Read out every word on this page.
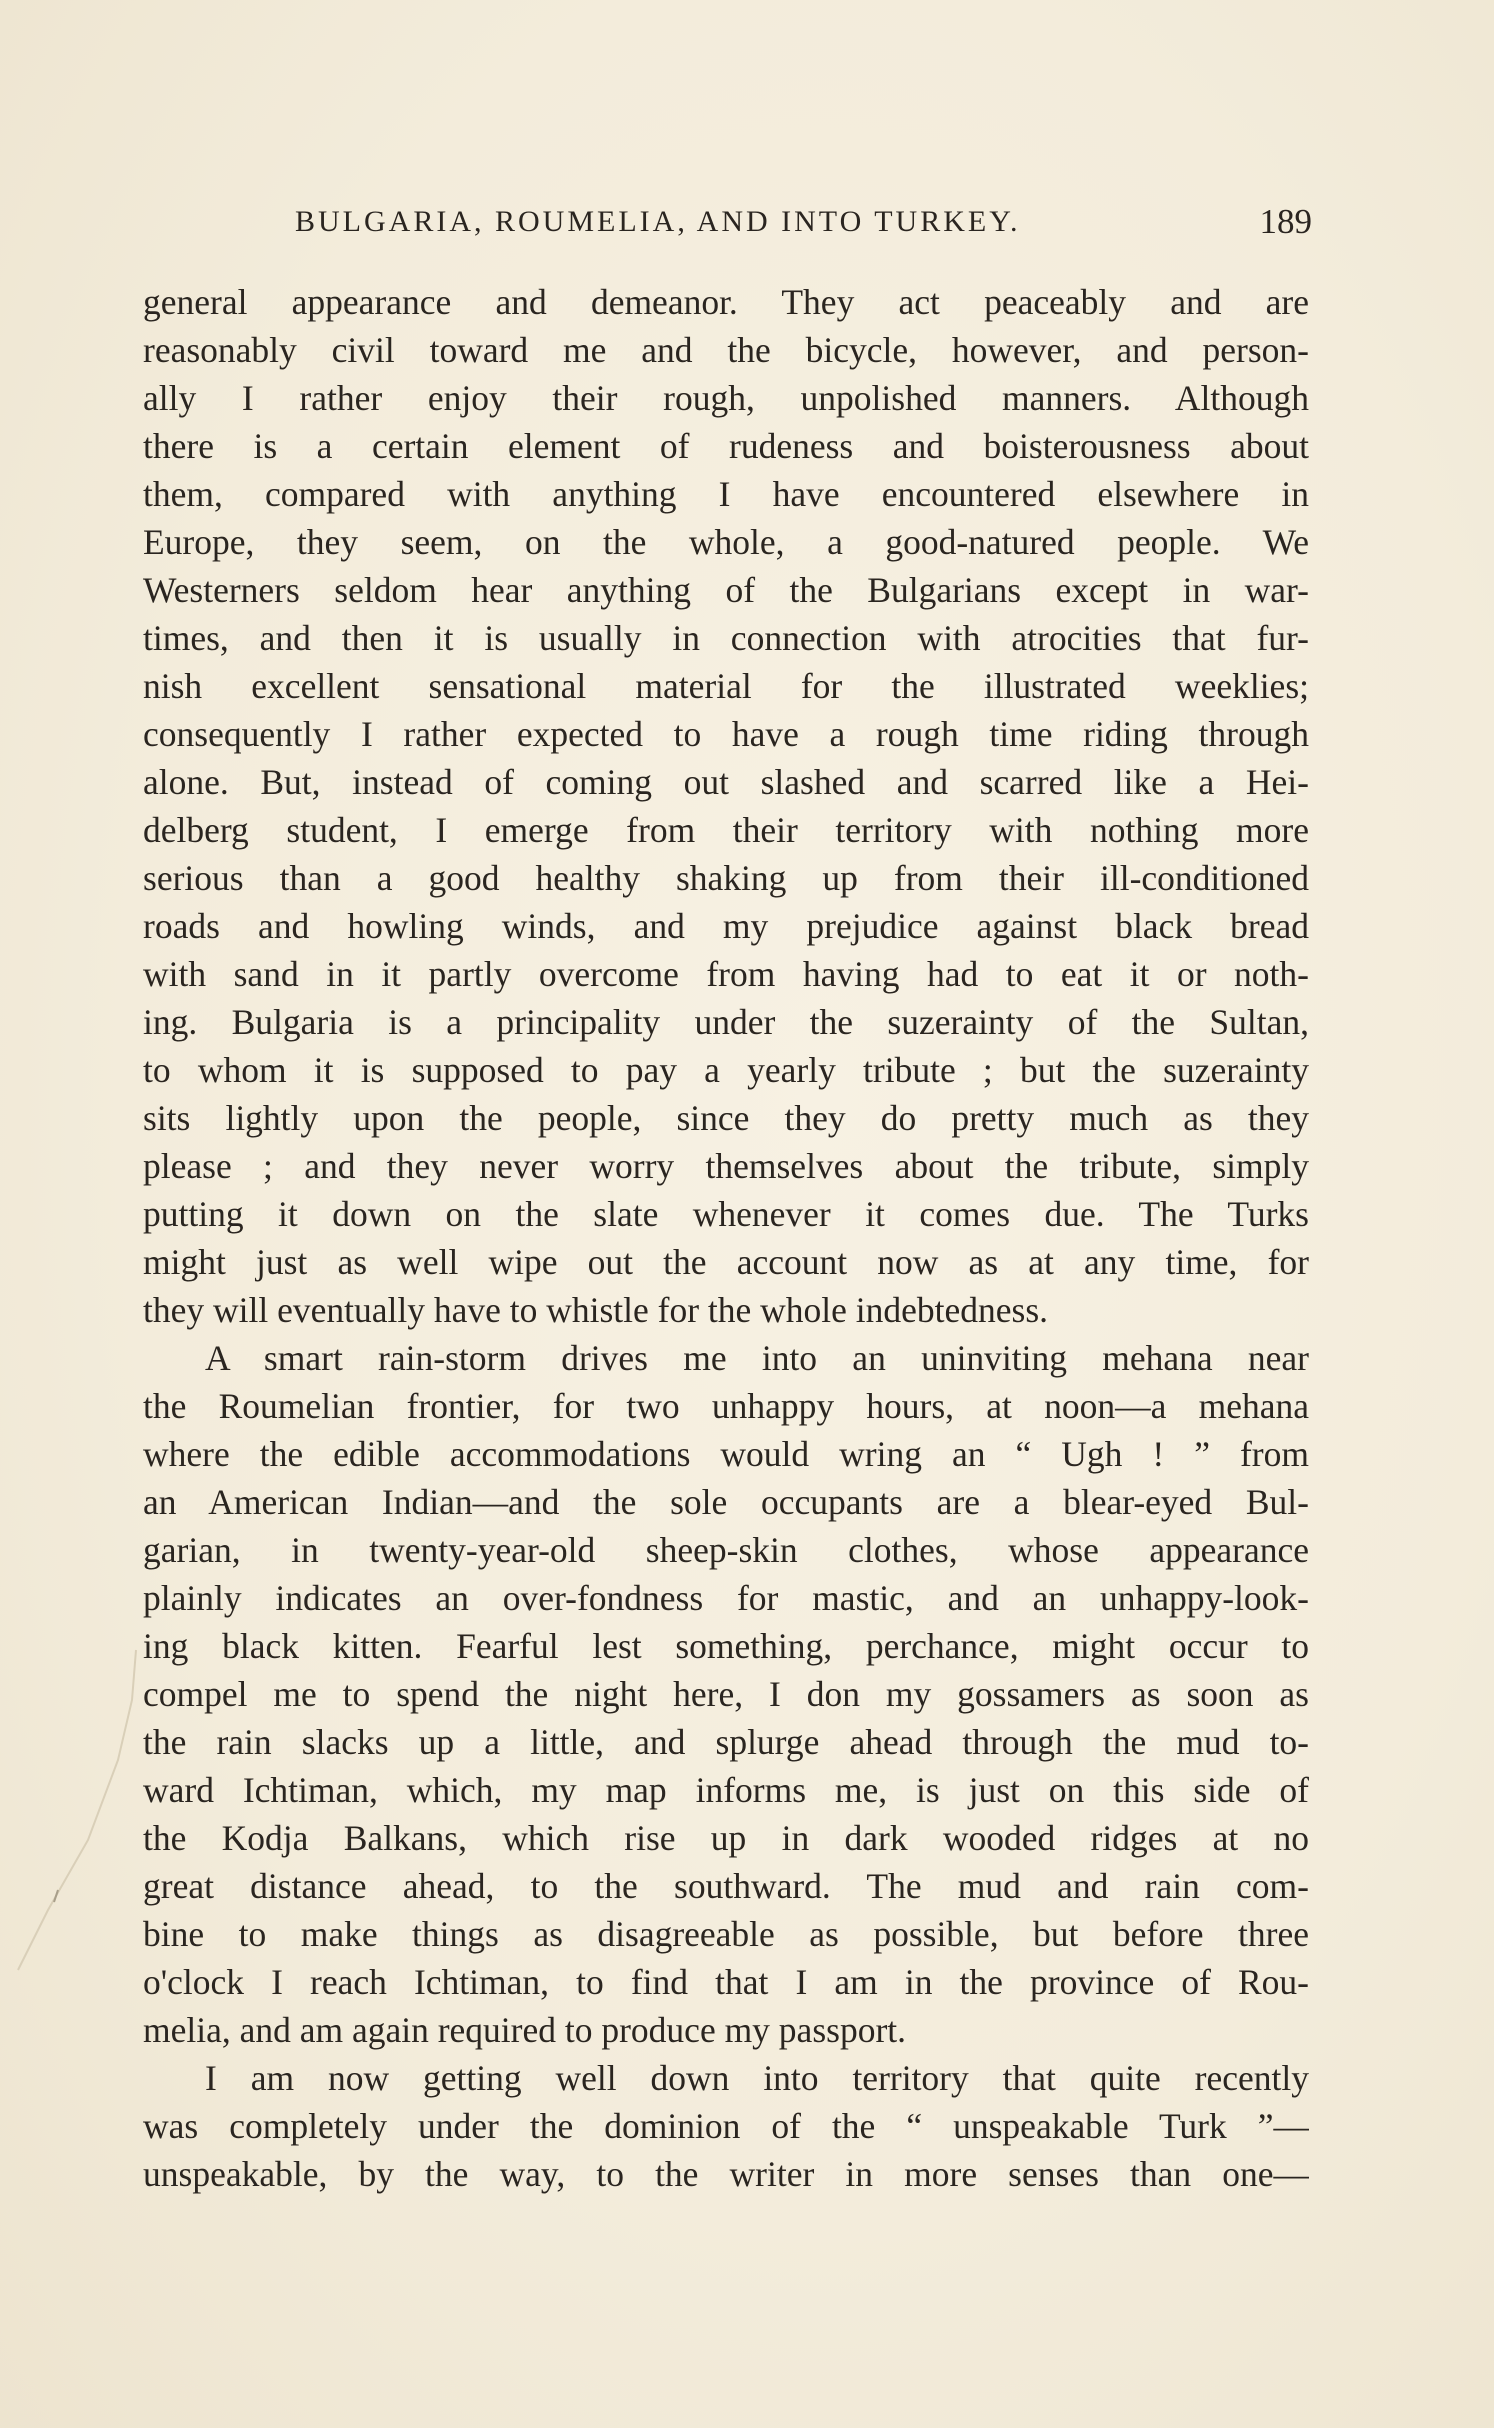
BULGARIA, ROUMELIA, AND INTO TURKEY.	189
general appearance and demeanor. They act peaceably and are
reasonably civil toward me and the bicycle, however, and person-
ally I rather enjoy their rough, unpolished manners. Although
there is a certain element of rudeness and boisterousness about
them, compared with anything I have encountered elsewhere in
Europe, they seem, on the whole, a good-natured people. We
Westerners seldom hear anything of the Bulgarians except in war-
times, and then it is usually in connection with atrocities that fur-
nish excellent sensational material for the illustrated weeklies;
consequently I rather expected to have a rough time riding through
alone. But, instead of coming out slashed and scarred like a Hei-
delberg student, I emerge from their territory with nothing more
serious than a good healthy shaking up from their ill-conditioned
roads and howling winds, and my prejudice against black bread
with sand in it partly overcome from having had to eat it or noth-
ing. Bulgaria is a principality under the suzerainty of the Sultan,
to whom it is supposed to pay a yearly tribute ; but the suzerainty
sits lightly upon the people, since they do pretty much as they
please ; and they never worry themselves about the tribute, simply
putting it down on the slate whenever it comes due. The Turks
might just as well wipe out the account now as at any time, for
they will eventually have to whistle for the whole indebtedness.
A smart rain-storm drives me into an uninviting mehana near
the Roumelian frontier, for two unhappy hours, at noon—a mehana
where the edible accommodations would wring an “ Ugh ! ” from
an American Indian—and the sole occupants are a blear-eyed Bul-
garian, in twenty-year-old sheep-skin clothes, whose appearance
plainly indicates an over-fondness for mastic, and an unhappy-look-
ing black kitten. Fearful lest something, perchance, might occur to
compel me to spend the night here, I don my gossamers as soon as
the rain slacks up a little, and splurge ahead through the mud to-
ward Ichtiman, which, my map informs me, is just on this side of
the Kodja Balkans, which rise up in dark wooded ridges at no
great distance ahead, to the southward. The mud and rain com-
bine to make things as disagreeable as possible, but before three
o'clock I reach Ichtiman, to find that I am in the province of Rou-
melia, and am again required to produce my passport.
I am now getting well down into territory that quite recently
was completely under the dominion of the “ unspeakable Turk ”—
unspeakable, by the way, to the writer in more senses than one—
